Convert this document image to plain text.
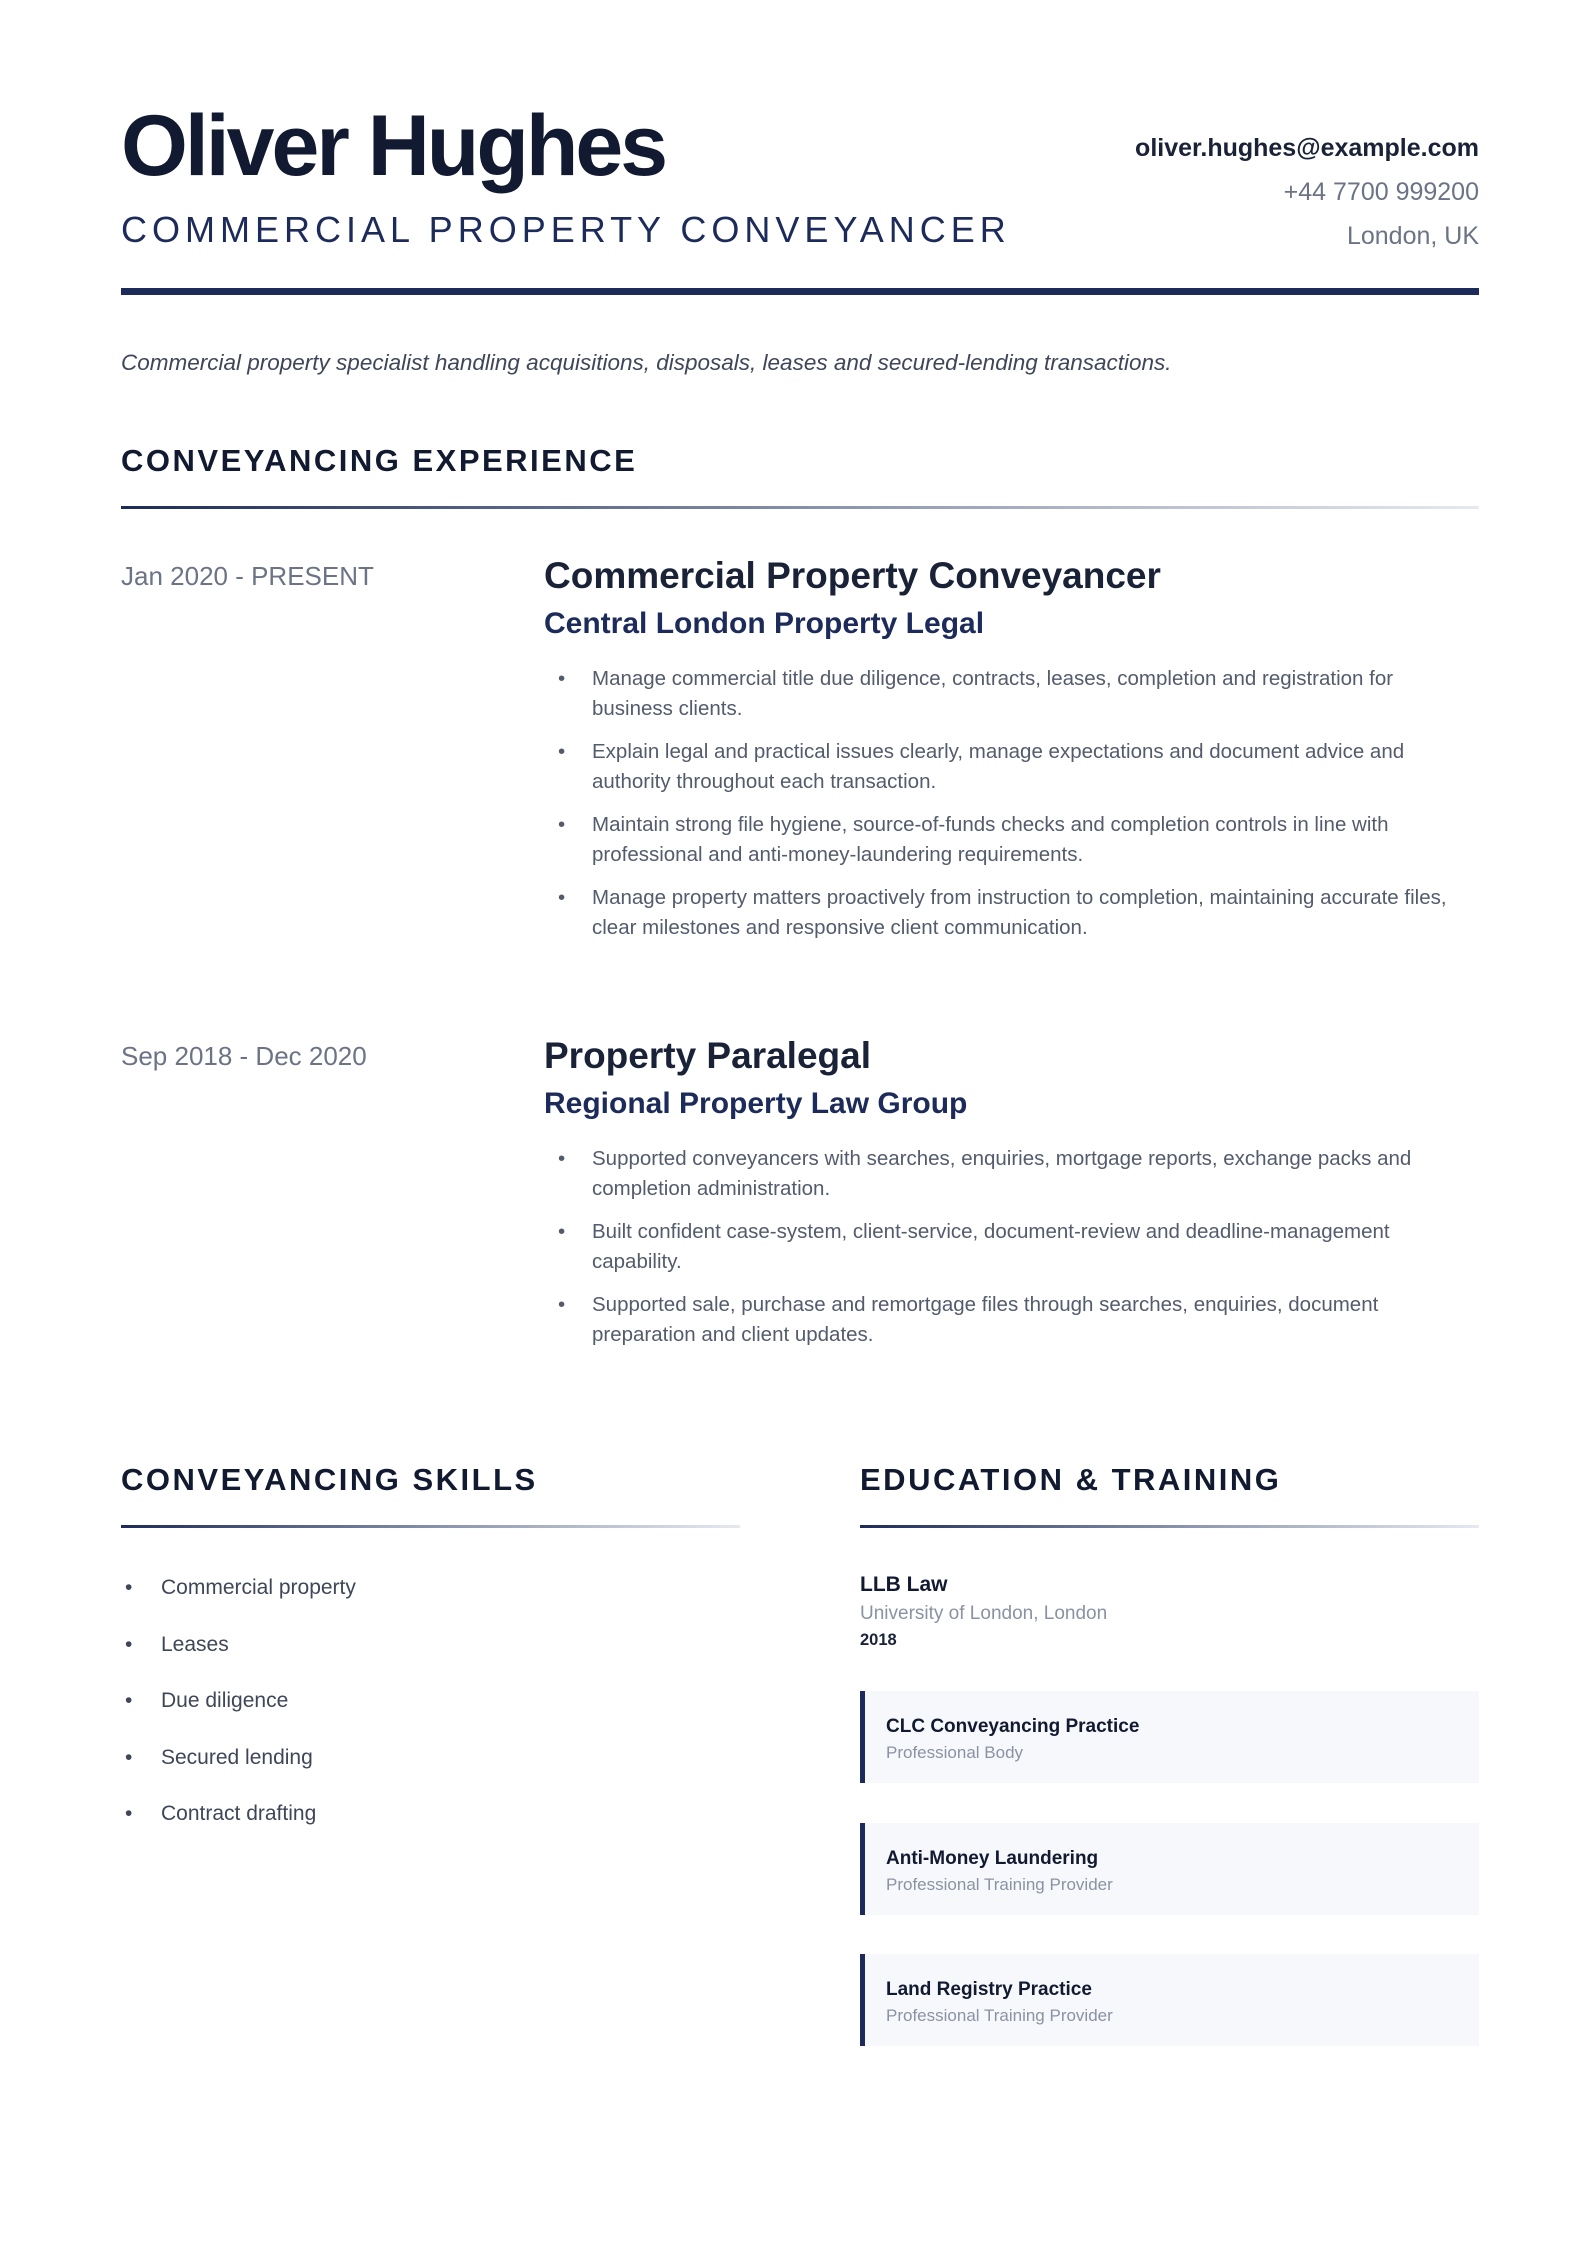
Oliver Hughes
COMMERCIAL PROPERTY CONVEYANCER
oliver.hughes@example.com
+44 7700 999200
London, UK
Commercial property specialist handling acquisitions, disposals, leases and secured-lending transactions.
CONVEYANCING EXPERIENCE
Jan 2020 - PRESENT	Commercial Property Conveyancer
Central London Property Legal
• Manage commercial title due diligence, contracts, leases, completion and registration for business clients.
• Explain legal and practical issues clearly, manage expectations and document advice and authority throughout each transaction.
• Maintain strong file hygiene, source-of-funds checks and completion controls in line with professional and anti-money-laundering requirements.
• Manage property matters proactively from instruction to completion, maintaining accurate files, clear milestones and responsive client communication.
Sep 2018 - Dec 2020	Property Paralegal
Regional Property Law Group
• Supported conveyancers with searches, enquiries, mortgage reports, exchange packs and completion administration.
• Built confident case-system, client-service, document-review and deadline-management capability.
• Supported sale, purchase and remortgage files through searches, enquiries, document preparation and client updates.
CONVEYANCING SKILLS
• Commercial property
• Leases
• Due diligence
• Secured lending
• Contract drafting
EDUCATION & TRAINING
LLB Law
University of London, London
2018
CLC Conveyancing Practice
Professional Body
Anti-Money Laundering
Professional Training Provider
Land Registry Practice
Professional Training Provider
